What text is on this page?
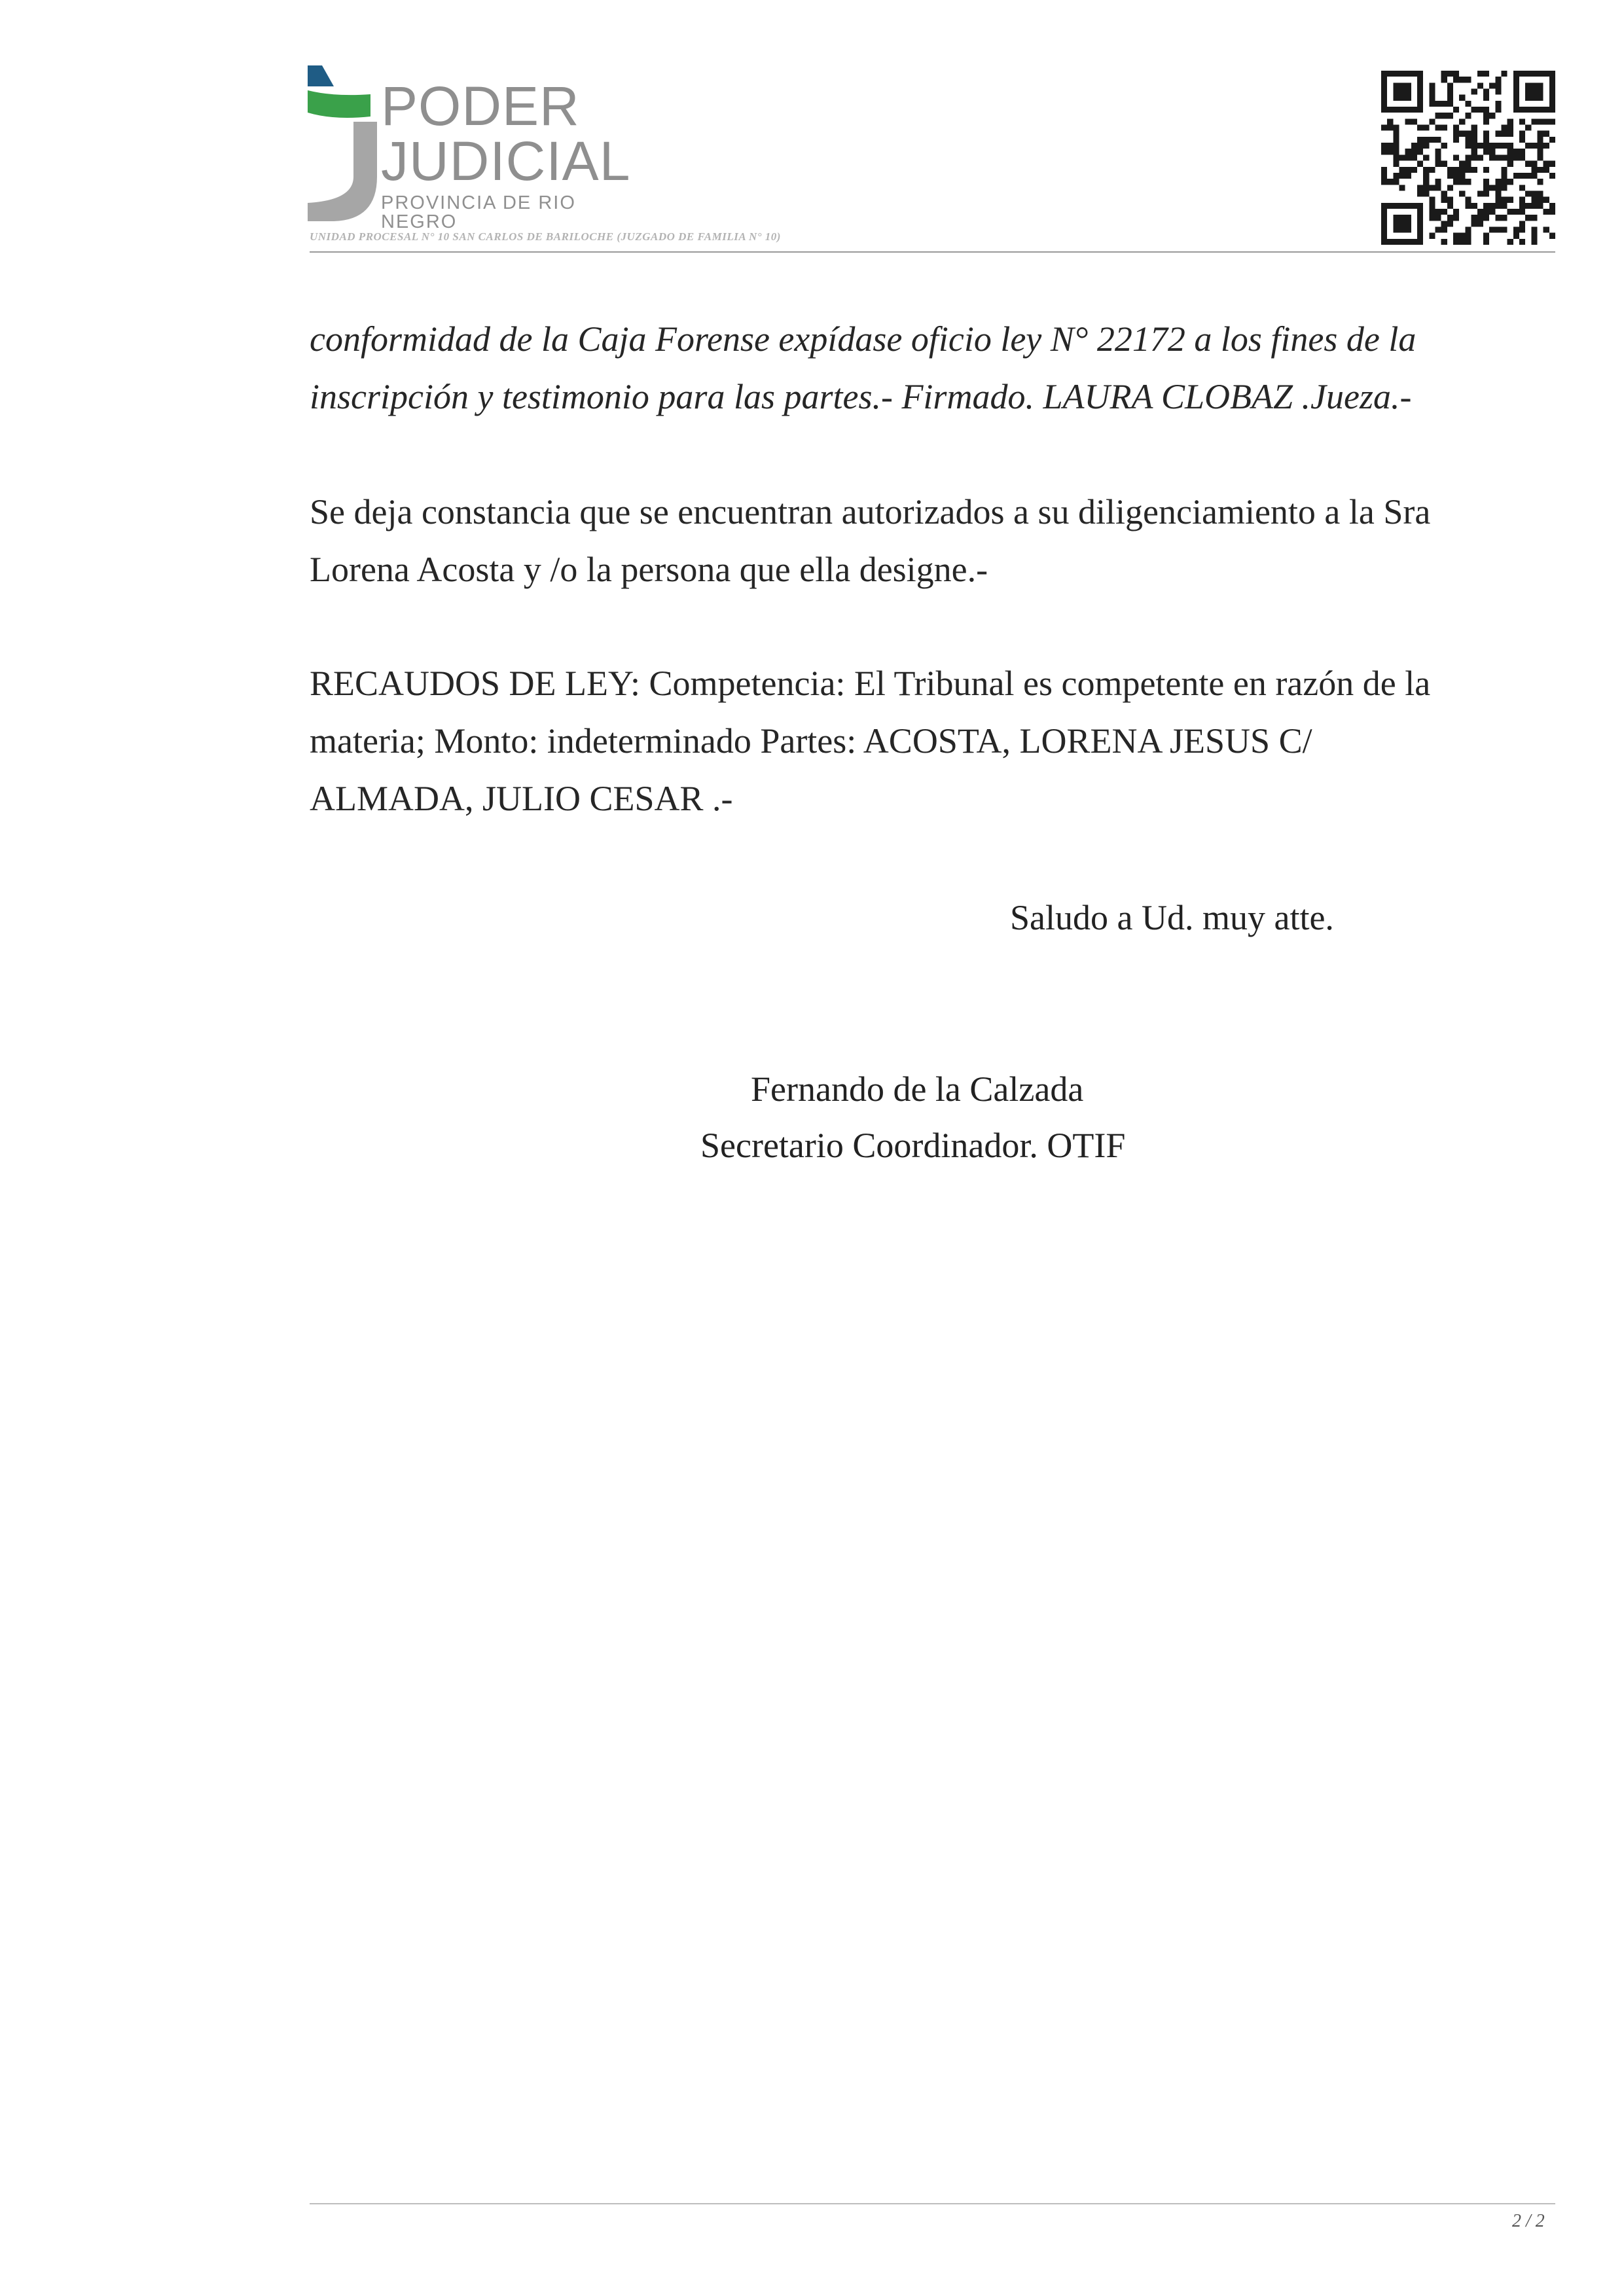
PODER
JUDICIAL
PROVINCIA DE RIO NEGRO
UNIDAD PROCESAL N° 10 SAN CARLOS DE BARILOCHE (JUZGADO DE FAMILIA N° 10)
conformidad de la Caja Forense expídase oficio ley N° 22172 a los fines de la
inscripción y testimonio para las partes.- Firmado. LAURA CLOBAZ .Jueza.-
Se deja constancia que se encuentran autorizados a su diligenciamiento a la Sra
Lorena Acosta y /o la persona que ella designe.-
RECAUDOS DE LEY: Competencia: El Tribunal es competente en razón de la
materia; Monto: indeterminado Partes: ACOSTA, LORENA JESUS C/
ALMADA, JULIO CESAR .-
Saludo a Ud. muy atte.
Fernando de la Calzada
Secretario Coordinador. OTIF
2 / 2
